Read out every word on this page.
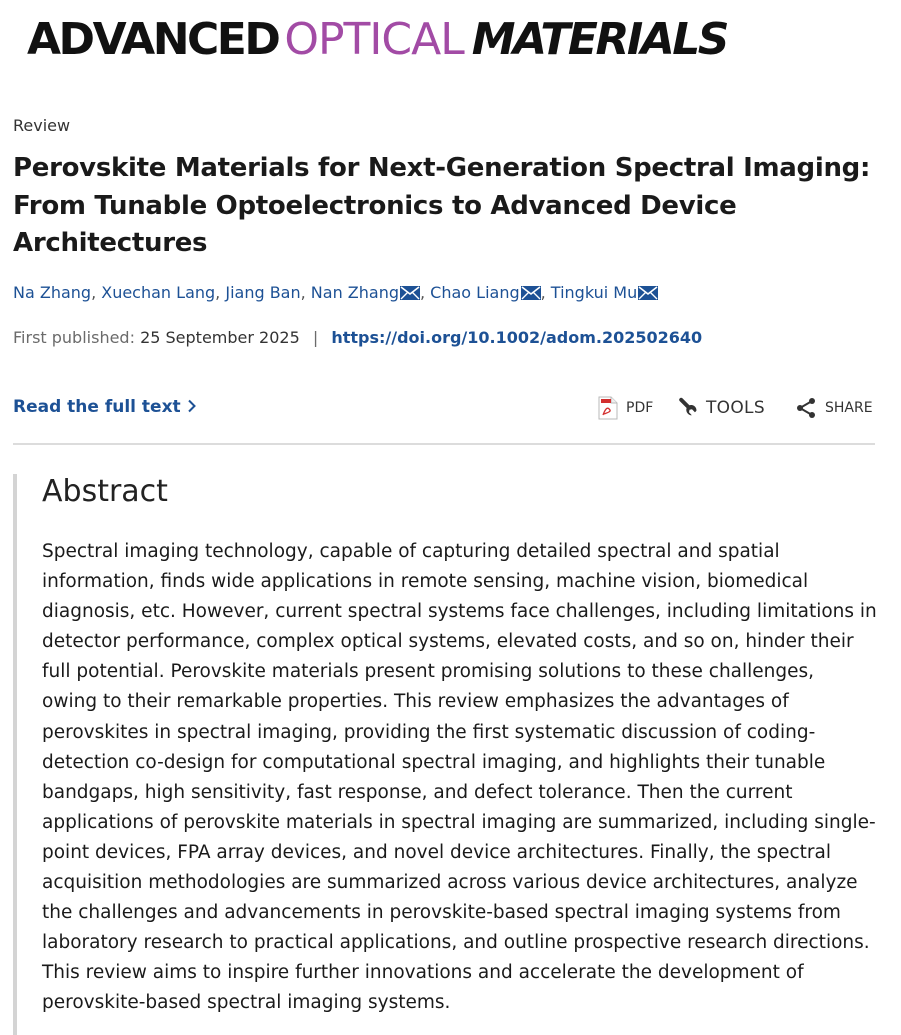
ADVANCED OPTICAL MATERIALS
Review
Perovskite Materials for Next-Generation Spectral Imaging: From Tunable Optoelectronics to Advanced Device Architectures
Na Zhang, Xuechan Lang, Jiang Ban, Nan Zhang , Chao Liang , Tingkui Mu
First published: 25 September 2025 | https://doi.org/10.1002/adom.202502640
Read the full text	PDF	TOOLS	SHARE
Abstract

Spectral imaging technology, capable of capturing detailed spectral and spatial
information, finds wide applications in remote sensing, machine vision, biomedical
diagnosis, etc. However, current spectral systems face challenges, including limitations in
detector performance, complex optical systems, elevated costs, and so on, hinder their
full potential. Perovskite materials present promising solutions to these challenges,
owing to their remarkable properties. This review emphasizes the advantages of
perovskites in spectral imaging, providing the first systematic discussion of coding-
detection co-design for computational spectral imaging, and highlights their tunable
bandgaps, high sensitivity, fast response, and defect tolerance. Then the current
applications of perovskite materials in spectral imaging are summarized, including single-
point devices, FPA array devices, and novel device architectures. Finally, the spectral
acquisition methodologies are summarized across various device architectures, analyze
the challenges and advancements in perovskite-based spectral imaging systems from
laboratory research to practical applications, and outline prospective research directions.
This review aims to inspire further innovations and accelerate the development of
perovskite-based spectral imaging systems.
